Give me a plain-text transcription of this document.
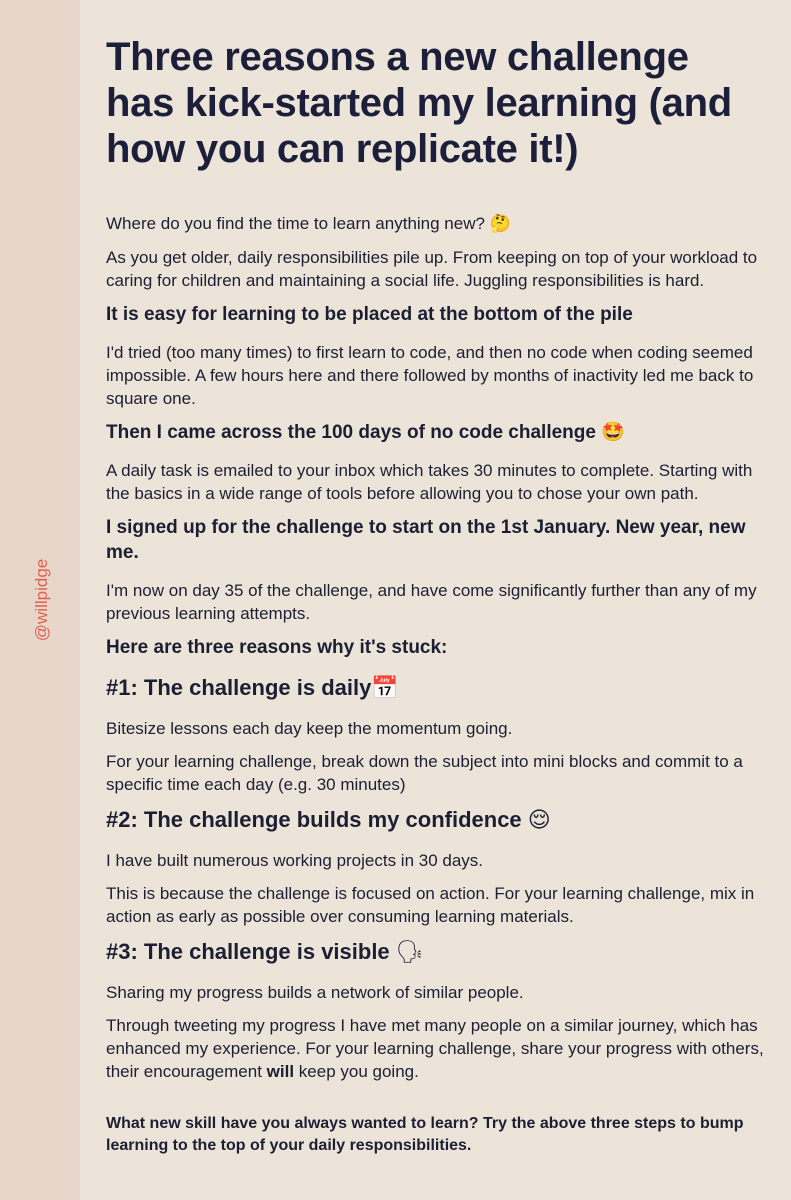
@willpidge
Three reasons a new challenge has kick-started my learning (and how you can replicate it!)

Where do you find the time to learn anything new? 🤔

As you get older, daily responsibilities pile up. From keeping on top of your workload to caring for children and maintaining a social life. Juggling responsibilities is hard.

It is easy for learning to be placed at the bottom of the pile

I'd tried (too many times) to first learn to code, and then no code when coding seemed impossible. A few hours here and there followed by months of inactivity led me back to square one.

Then I came across the 100 days of no code challenge 🤩

A daily task is emailed to your inbox which takes 30 minutes to complete. Starting with the basics in a wide range of tools before allowing you to chose your own path.

I signed up for the challenge to start on the 1st January. New year, new me.

I'm now on day 35 of the challenge, and have come significantly further than any of my previous learning attempts.

Here are three reasons why it's stuck:
#1: The challenge is daily📅

Bitesize lessons each day keep the momentum going.

For your learning challenge, break down the subject into mini blocks and commit to a specific time each day (e.g. 30 minutes)

#2: The challenge builds my confidence 😌

I have built numerous working projects in 30 days.

This is because the challenge is focused on action. For your learning challenge, mix in action as early as possible over consuming learning materials.

#3: The challenge is visible 🗣

Sharing my progress builds a network of similar people.

Through tweeting my progress I have met many people on a similar journey, which has enhanced my experience. For your learning challenge, share your progress with others, their encouragement will keep you going.

What new skill have you always wanted to learn? Try the above three steps to bump learning to the top of your daily responsibilities.
